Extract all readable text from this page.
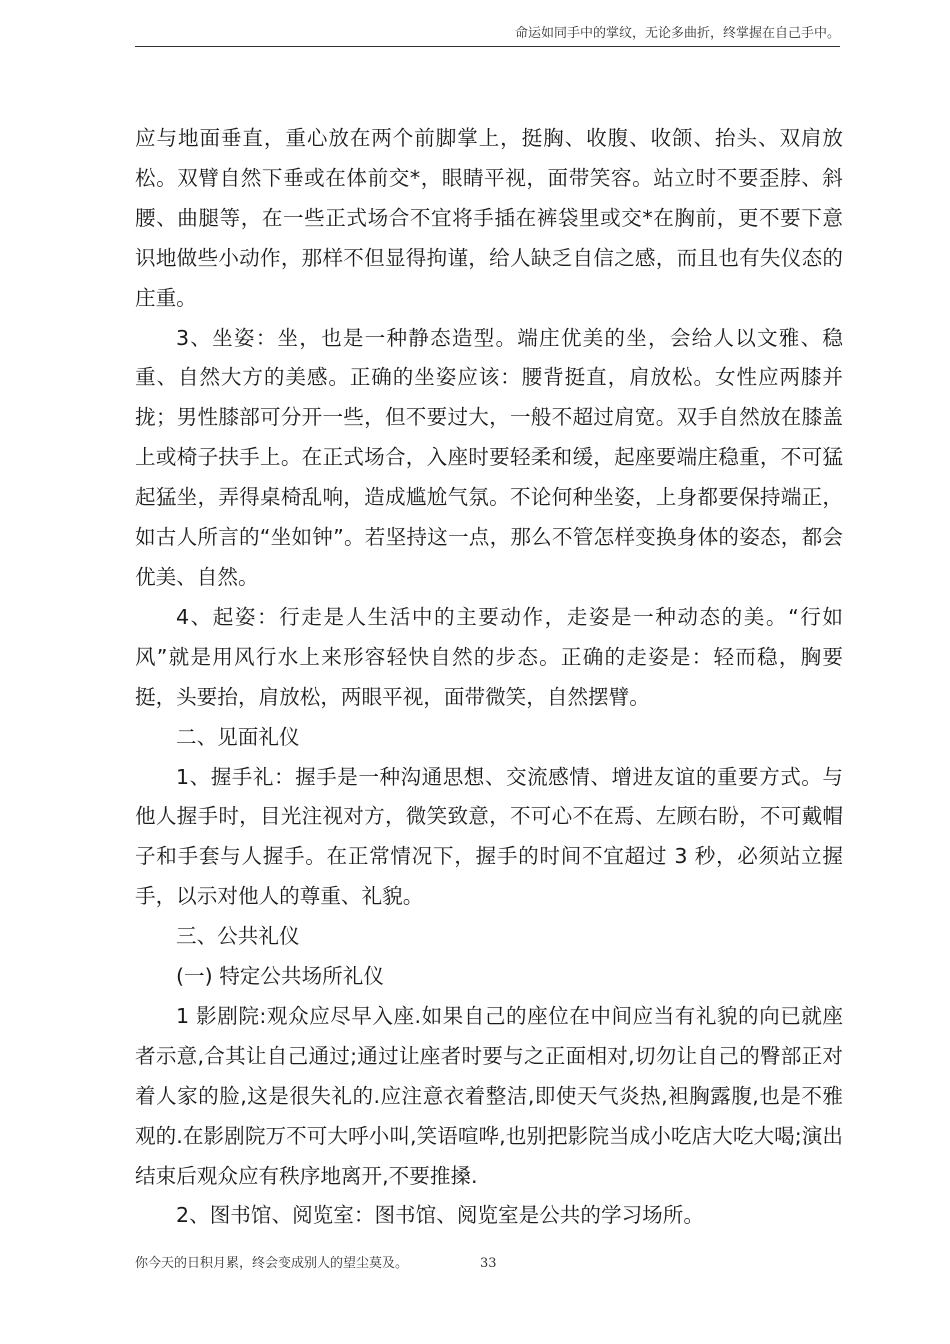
命运如同手中的掌纹，无论多曲折，终掌握在自己手中。

应与地面垂直，重心放在两个前脚掌上，挺胸、收腹、收颌、抬头、双肩放松。双臂自然下垂或在体前交*，眼睛平视，面带笑容。站立时不要歪脖、斜腰、曲腿等，在一些正式场合不宜将手插在裤袋里或交*在胸前，更不要下意识地做些小动作，那样不但显得拘谨，给人缺乏自信之感，而且也有失仪态的庄重。

3、坐姿：坐，也是一种静态造型。端庄优美的坐，会给人以文雅、稳重、自然大方的美感。正确的坐姿应该：腰背挺直，肩放松。女性应两膝并拢；男性膝部可分开一些，但不要过大，一般不超过肩宽。双手自然放在膝盖上或椅子扶手上。在正式场合，入座时要轻柔和缓，起座要端庄稳重，不可猛起猛坐，弄得桌椅乱响，造成尴尬气氛。不论何种坐姿，上身都要保持端正，如古人所言的“坐如钟”。若坚持这一点，那么不管怎样变换身体的姿态，都会优美、自然。

4、起姿：行走是人生活中的主要动作，走姿是一种动态的美。“行如风”就是用风行水上来形容轻快自然的步态。正确的走姿是：轻而稳，胸要挺，头要抬，肩放松，两眼平视，面带微笑，自然摆臂。

二、见面礼仪

1、握手礼：握手是一种沟通思想、交流感情、增进友谊的重要方式。与他人握手时，目光注视对方，微笑致意，不可心不在焉、左顾右盼，不可戴帽子和手套与人握手。在正常情况下，握手的时间不宜超过 3 秒，必须站立握手，以示对他人的尊重、礼貌。

三、公共礼仪

(一) 特定公共场所礼仪

1 影剧院:观众应尽早入座.如果自己的座位在中间应当有礼貌的向已就座者示意,合其让自己通过;通过让座者时要与之正面相对,切勿让自己的臀部正对着人家的脸,这是很失礼的.应注意衣着整洁,即使天气炎热,袒胸露腹,也是不雅观的.在影剧院万不可大呼小叫,笑语喧哗,也别把影院当成小吃店大吃大喝;演出结束后观众应有秩序地离开,不要推搡.

2、图书馆、阅览室：图书馆、阅览室是公共的学习场所。

你今天的日积月累，终会变成别人的望尘莫及。	33
